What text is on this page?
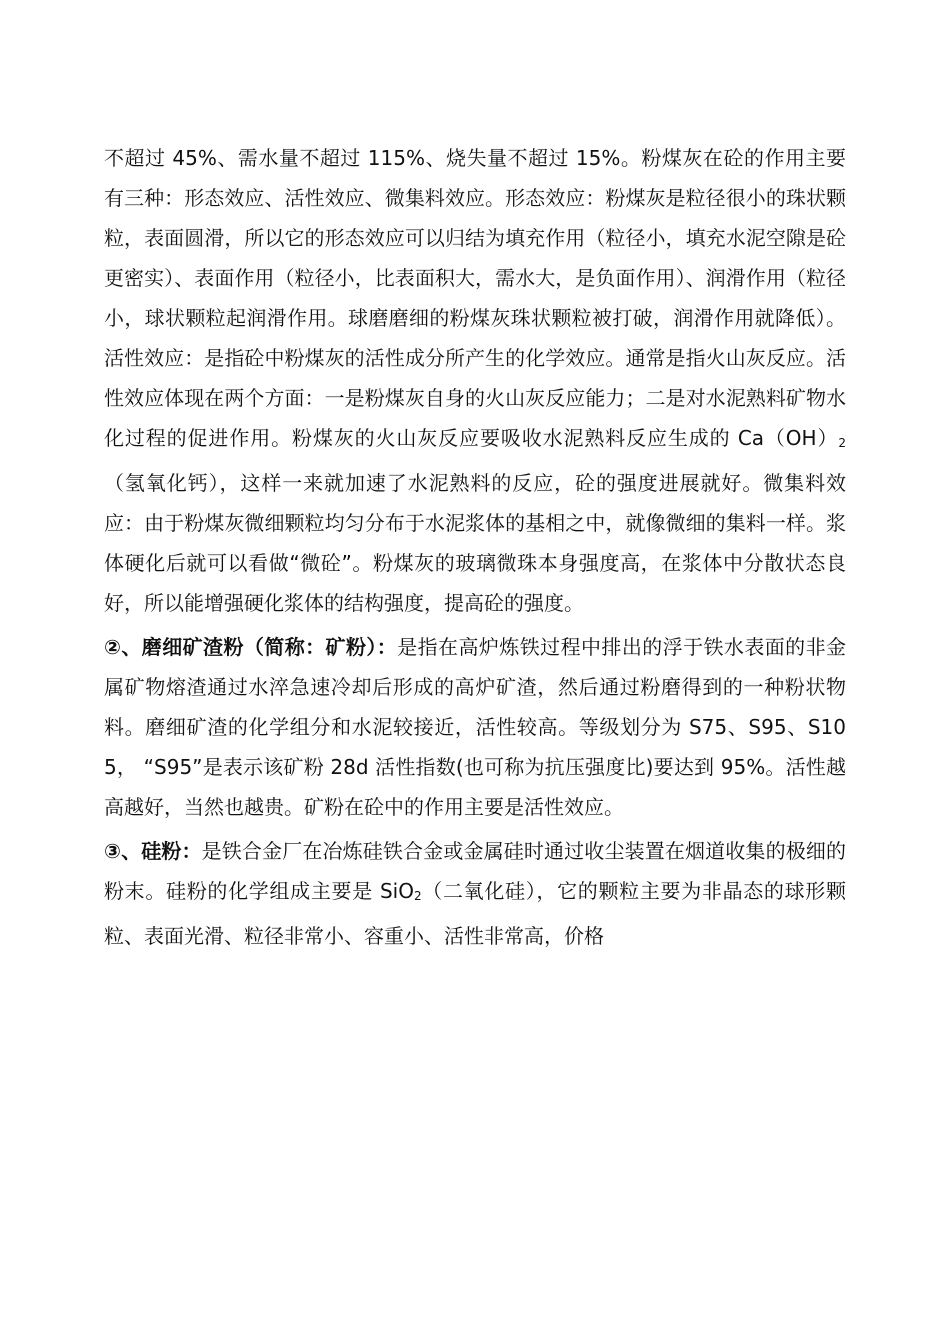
不超过 45%、需水量不超过 115%、烧失量不超过 15%。粉煤灰在砼的作用主要有三种：形态效应、活性效应、微集料效应。形态效应：粉煤灰是粒径很小的珠状颗粒，表面圆滑，所以它的形态效应可以归结为填充作用（粒径小，填充水泥空隙是砼更密实）、表面作用（粒径小，比表面积大，需水大，是负面作用）、润滑作用（粒径小，球状颗粒起润滑作用。球磨磨细的粉煤灰珠状颗粒被打破，润滑作用就降低）。活性效应：是指砼中粉煤灰的活性成分所产生的化学效应。通常是指火山灰反应。活性效应体现在两个方面：一是粉煤灰自身的火山灰反应能力；二是对水泥熟料矿物水化过程的促进作用。粉煤灰的火山灰反应要吸收水泥熟料反应生成的 Ca（OH）2（氢氧化钙），这样一来就加速了水泥熟料的反应，砼的强度进展就好。微集料效应：由于粉煤灰微细颗粒均匀分布于水泥浆体的基相之中，就像微细的集料一样。浆体硬化后就可以看做“微砼”。粉煤灰的玻璃微珠本身强度高，在浆体中分散状态良好，所以能增强硬化浆体的结构强度，提高砼的强度。

②、磨细矿渣粉（简称：矿粉）：是指在高炉炼铁过程中排出的浮于铁水表面的非金属矿物熔渣通过水淬急速冷却后形成的高炉矿渣，然后通过粉磨得到的一种粉状物料。磨细矿渣的化学组分和水泥较接近，活性较高。等级划分为 S75、S95、S105， “S95”是表示该矿粉 28d 活性指数(也可称为抗压强度比)要达到 95%。活性越高越好，当然也越贵。矿粉在砼中的作用主要是活性效应。

③、硅粉：是铁合金厂在冶炼硅铁合金或金属硅时通过收尘装置在烟道收集的极细的粉末。硅粉的化学组成主要是 SiO2（二氧化硅），它的颗粒主要为非晶态的球形颗粒、表面光滑、粒径非常小、容重小、活性非常高，价格
